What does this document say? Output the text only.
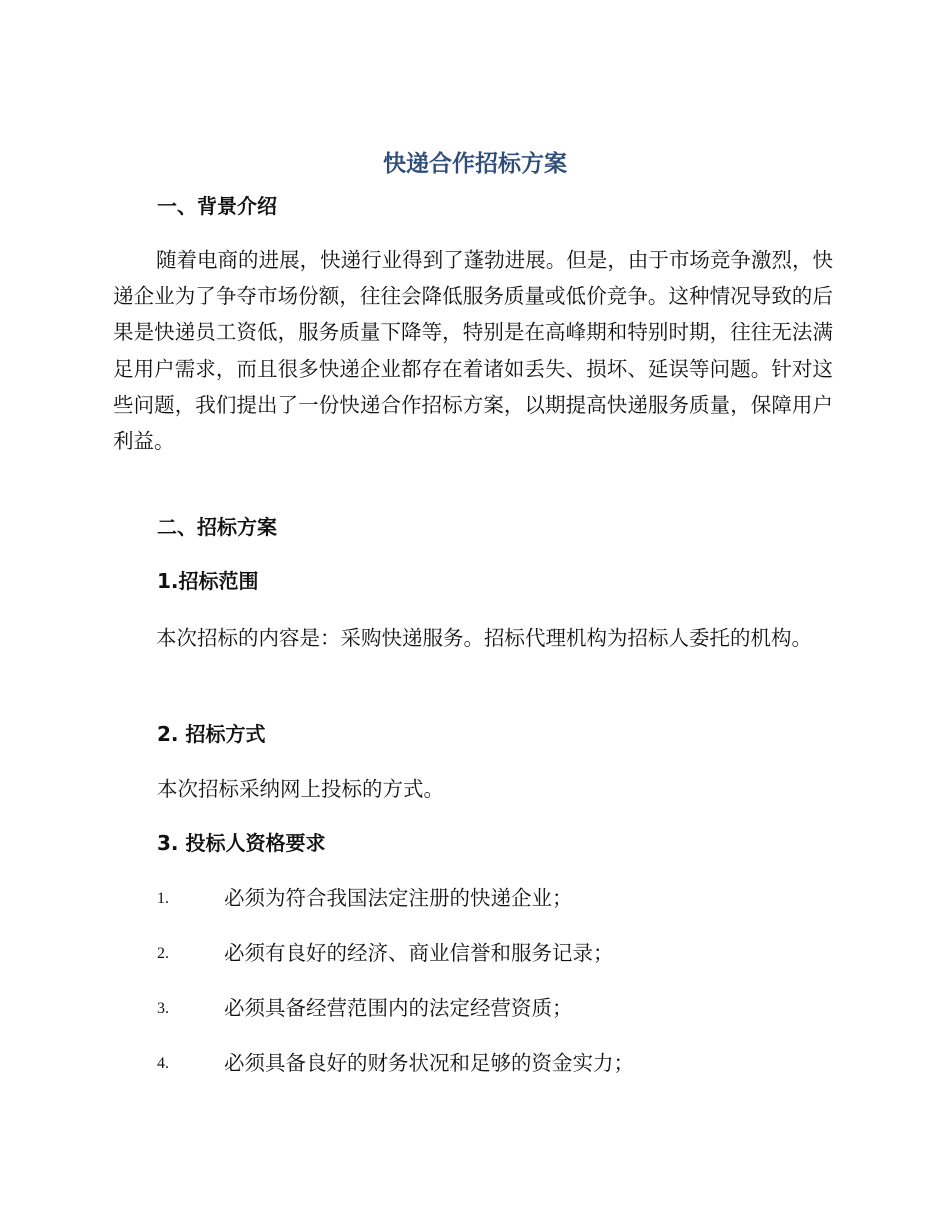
快递合作招标方案
一、背景介绍

随着电商的进展，快递行业得到了蓬勃进展。但是，由于市场竞争激烈，快递企业为了争夺市场份额，往往会降低服务质量或低价竞争。这种情况导致的后果是快递员工资低，服务质量下降等，特别是在高峰期和特别时期，往往无法满足用户需求，而且很多快递企业都存在着诸如丢失、损坏、延误等问题。针对这些问题，我们提出了一份快递合作招标方案，以期提高快递服务质量，保障用户利益。

二、招标方案
1.招标范围

本次招标的内容是：采购快递服务。招标代理机构为招标人委托的机构。

2. 招标方式

本次招标采纳网上投标的方式。

3. 投标人资格要求
1.	必须为符合我国法定注册的快递企业；
2.	必须有良好的经济、商业信誉和服务记录；
3.	必须具备经营范围内的法定经营资质；
4.	必须具备良好的财务状况和足够的资金实力；
